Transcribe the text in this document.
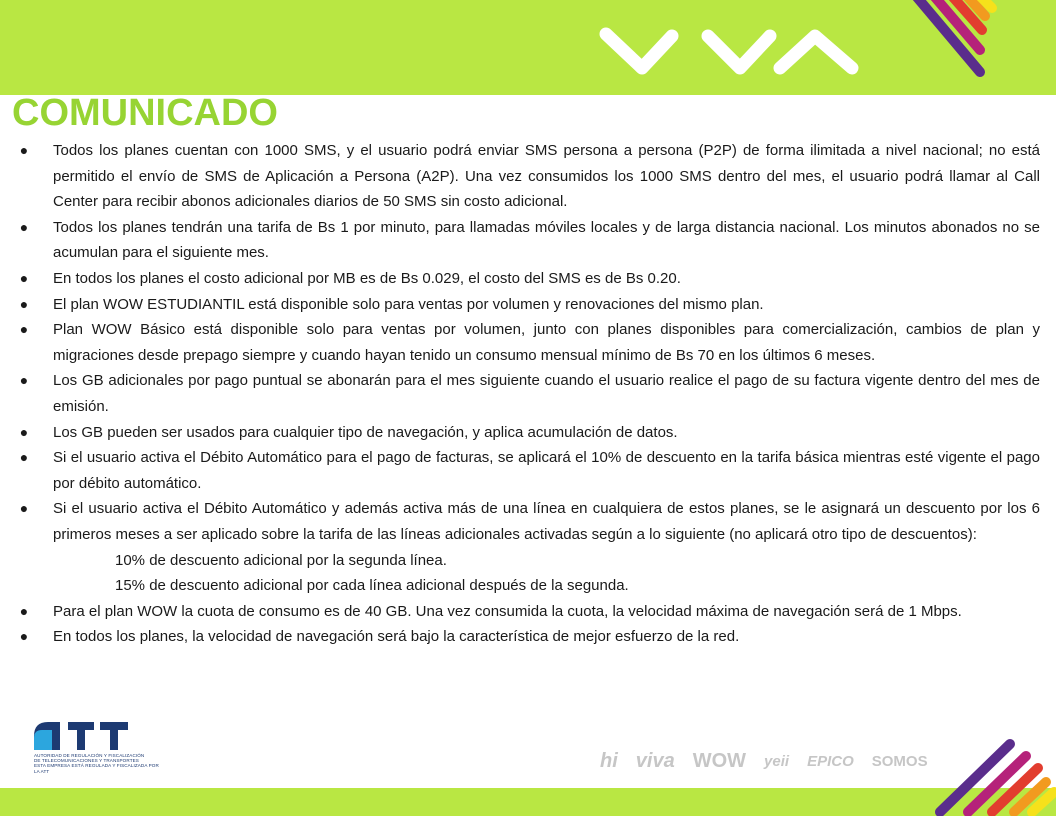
COMUNICADO
● Todos los planes cuentan con 1000 SMS, y el usuario podrá enviar SMS persona a persona (P2P) de forma ilimitada a nivel nacional; no está permitido el envío de SMS de Aplicación a Persona (A2P). Una vez consumidos los 1000 SMS dentro del mes, el usuario podrá llamar al Call Center para recibir abonos adicionales diarios de 50 SMS sin costo adicional.
● Todos los planes tendrán una tarifa de Bs 1 por minuto, para llamadas móviles locales y de larga distancia nacional. Los minutos abonados no se acumulan para el siguiente mes.
● En todos los planes el costo adicional por MB es de Bs 0.029, el costo del SMS es de Bs 0.20.
● El plan WOW ESTUDIANTIL está disponible solo para ventas por volumen y renovaciones del mismo plan.
● Plan WOW Básico está disponible solo para ventas por volumen, junto con planes disponibles para comercialización, cambios de plan y migraciones desde prepago siempre y cuando hayan tenido un consumo mensual mínimo de Bs 70 en los últimos 6 meses.
● Los GB adicionales por pago puntual se abonarán para el mes siguiente cuando el usuario realice el pago de su factura vigente dentro del mes de emisión.
● Los GB pueden ser usados para cualquier tipo de navegación, y aplica acumulación de datos.
● Si el usuario activa el Débito Automático para el pago de facturas, se aplicará el 10% de descuento en la tarifa básica mientras esté vigente el pago por débito automático.
● Si el usuario activa el Débito Automático y además activa más de una línea en cualquiera de estos planes, se le asignará un descuento por los 6 primeros meses a ser aplicado sobre la tarifa de las líneas adicionales activadas según a lo siguiente (no aplicará otro tipo de descuentos):
10% de descuento adicional por la segunda línea.
15% de descuento adicional por cada línea adicional después de la segunda.
● Para el plan WOW la cuota de consumo es de 40 GB. Una vez consumida la cuota, la velocidad máxima de navegación será de 1 Mbps.
● En todos los planes, la velocidad de navegación será bajo la característica de mejor esfuerzo de la red.
AUTORIDAD DE REGULACIÓN Y FISCALIZACIÓN
DE TELECOMUNICACIONES Y TRANSPORTES
ESTA EMPRESA ESTÁ REGULADA Y FISCALIZADA POR LA ATT	hi viva WOW yeii EPICO SOMOS
